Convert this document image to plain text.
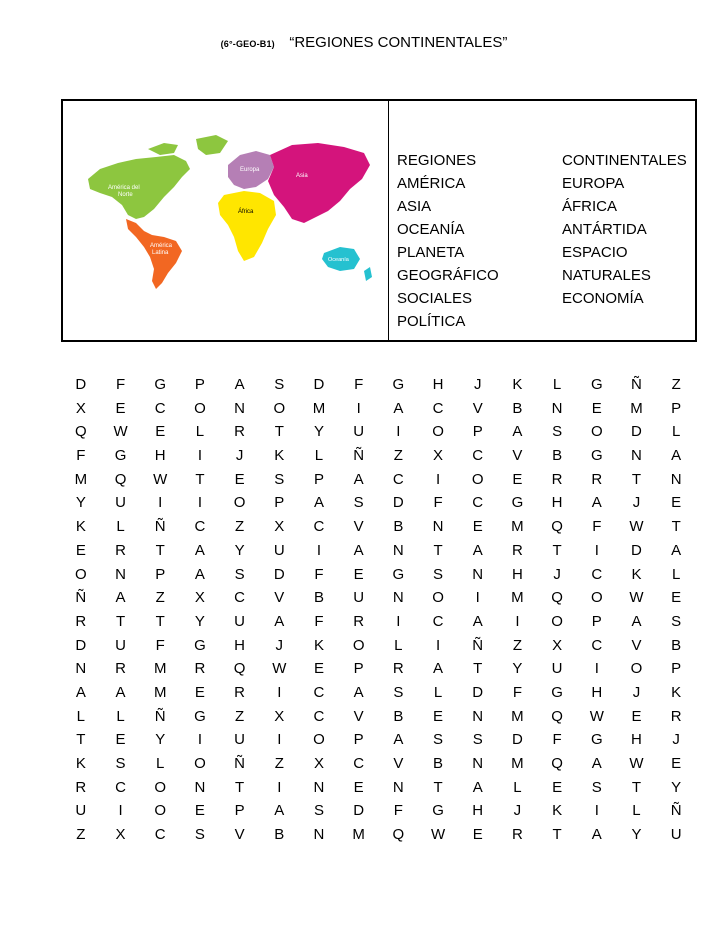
(6°-GEO-B1) “REGIONES CONTINENTALES”
América del
Norte
América
Latina
Europa
Asia
África
Oceanía
REGIONES	CONTINENTALES
AMÉRICA	EUROPA
ASIA	ÁFRICA
OCEANÍA	ANTÁRTIDA
PLANETA	ESPACIO
GEOGRÁFICO	NATURALES
SOCIALES	ECONOMÍA
POLÍTICA
D	F	G	P	A	S	D	F	G	H	J	K	L	G	Ñ	Z
X	E	C	O	N	O	M	I	A	C	V	B	N	E	M	P
Q	W	E	L	R	T	Y	U	I	O	P	A	S	O	D	L
F	G	H	I	J	K	L	Ñ	Z	X	C	V	B	G	N	A
M	Q	W	T	E	S	P	A	C	I	O	E	R	R	T	N
Y	U	I	I	O	P	A	S	D	F	C	G	H	A	J	E
K	L	Ñ	C	Z	X	C	V	B	N	E	M	Q	F	W	T
E	R	T	A	Y	U	I	A	N	T	A	R	T	I	D	A
O	N	P	A	S	D	F	E	G	S	N	H	J	C	K	L
Ñ	A	Z	X	C	V	B	U	N	O	I	M	Q	O	W	E
R	T	T	Y	U	A	F	R	I	C	A	I	O	P	A	S
D	U	F	G	H	J	K	O	L	I	Ñ	Z	X	C	V	B
N	R	M	R	Q	W	E	P	R	A	T	Y	U	I	O	P
A	A	M	E	R	I	C	A	S	L	D	F	G	H	J	K
L	L	Ñ	G	Z	X	C	V	B	E	N	M	Q	W	E	R
T	E	Y	I	U	I	O	P	A	S	S	D	F	G	H	J
K	S	L	O	Ñ	Z	X	C	V	B	N	M	Q	A	W	E
R	C	O	N	T	I	N	E	N	T	A	L	E	S	T	Y
U	I	O	E	P	A	S	D	F	G	H	J	K	I	L	Ñ
Z	X	C	S	V	B	N	M	Q	W	E	R	T	A	Y	U
